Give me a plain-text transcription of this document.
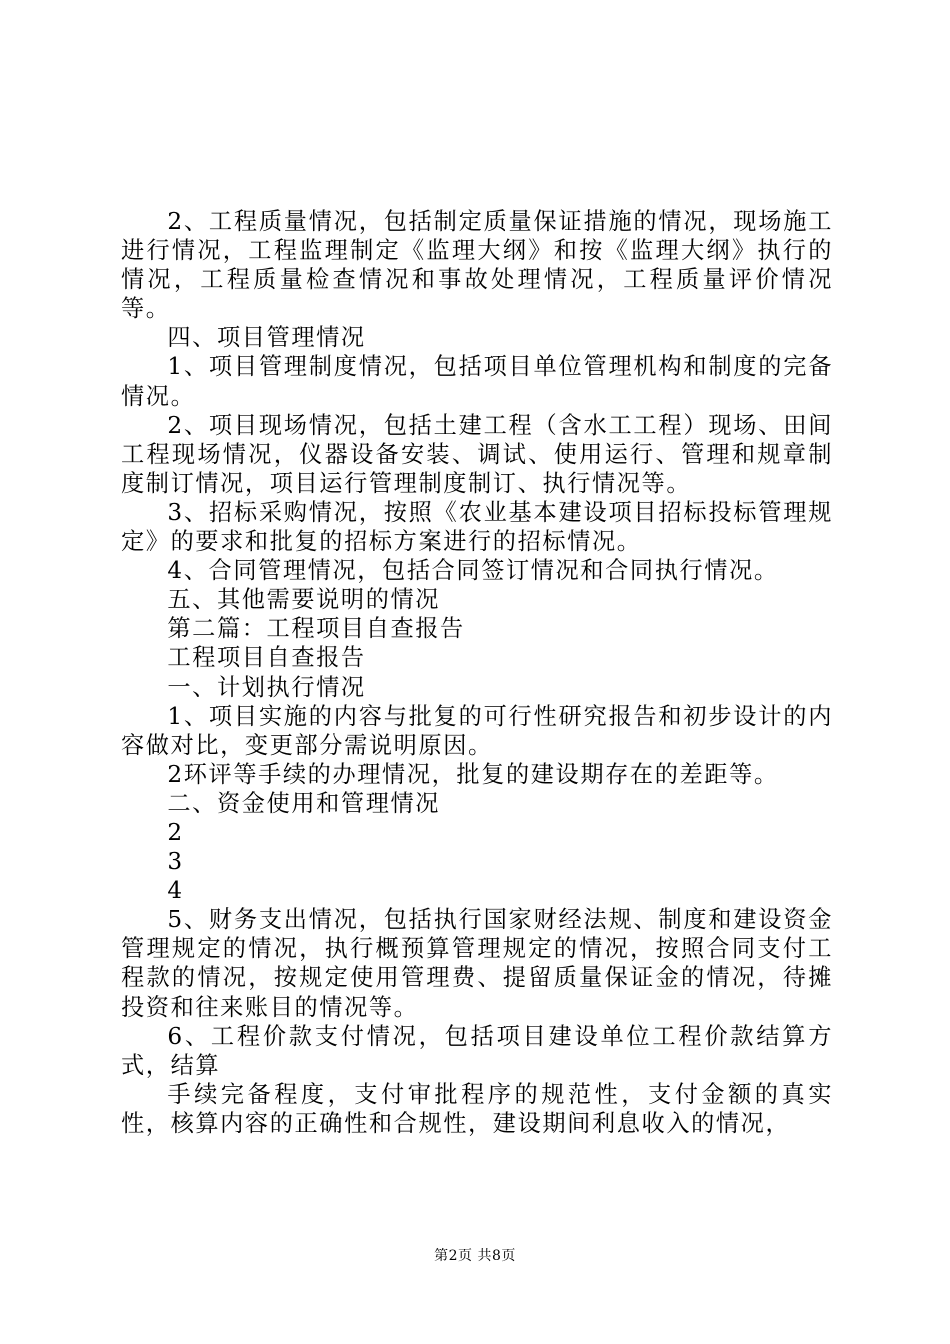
2、工程质量情况，包括制定质量保证措施的情况，现场施工进行情况，工程监理制定《监理大纲》和按《监理大纲》执行的情况，工程质量检查情况和事故处理情况，工程质量评价情况等。

四、项目管理情况

1、项目管理制度情况，包括项目单位管理机构和制度的完备情况。

2、项目现场情况，包括土建工程（含水工工程）现场、田间工程现场情况，仪器设备安装、调试、使用运行、管理和规章制度制订情况，项目运行管理制度制订、执行情况等。

3、招标采购情况，按照《农业基本建设项目招标投标管理规定》的要求和批复的招标方案进行的招标情况。

4、合同管理情况，包括合同签订情况和合同执行情况。

五、其他需要说明的情况

第二篇：工程项目自查报告

工程项目自查报告

一、计划执行情况

1、项目实施的内容与批复的可行性研究报告和初步设计的内容做对比，变更部分需说明原因。

2环评等手续的办理情况，批复的建设期存在的差距等。

二、资金使用和管理情况

2

3

4

5、财务支出情况，包括执行国家财经法规、制度和建设资金管理规定的情况，执行概预算管理规定的情况，按照合同支付工程款的情况，按规定使用管理费、提留质量保证金的情况，待摊投资和往来账目的情况等。

6、工程价款支付情况，包括项目建设单位工程价款结算方式，结算

手续完备程度，支付审批程序的规范性，支付金额的真实性，核算内容的正确性和合规性，建设期间利息收入的情况，

第2页 共8页
